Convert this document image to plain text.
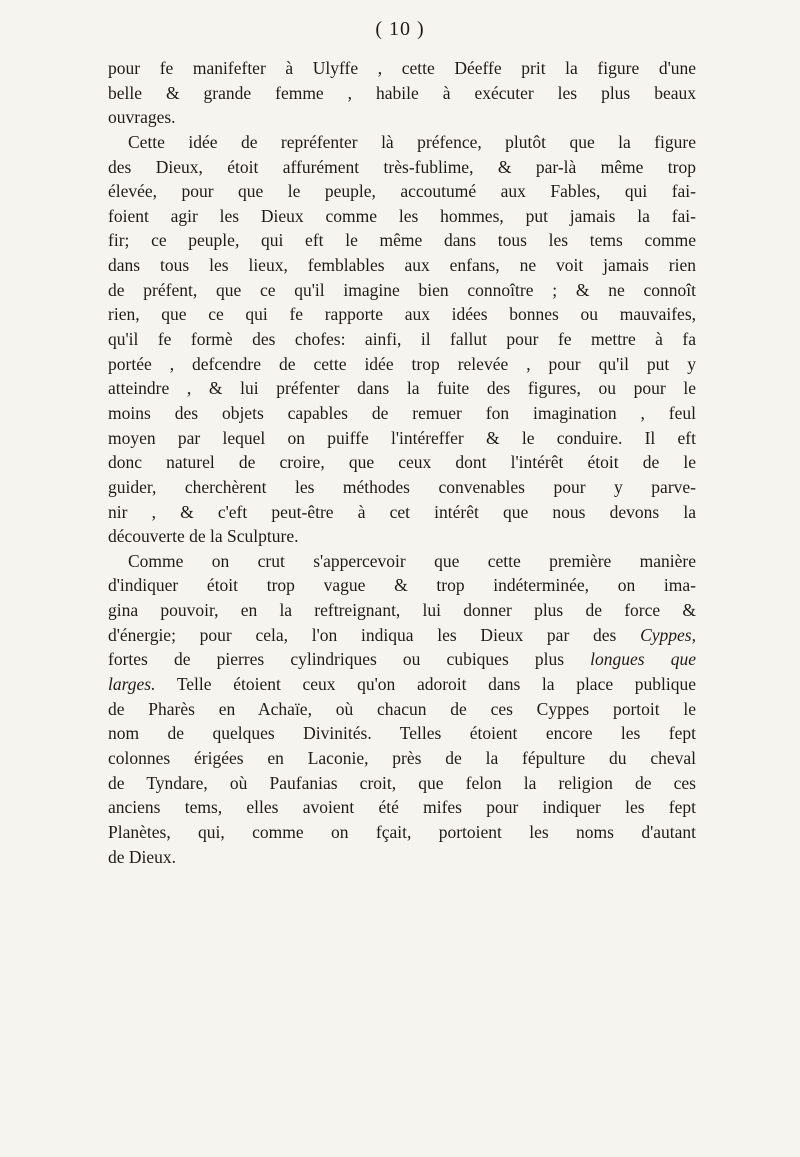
( 10 )
pour fe manifefter à Ulyffe , cette Déeffe prit la figure d'une
belle & grande femme , habile à exécuter les plus beaux
ouvrages.
Cette idée de repréfenter là préfence, plutôt que la figure
des Dieux, étoit affurément très-fublime, & par-là même trop
élevée, pour que le peuple, accoutumé aux Fables, qui fai-
foient agir les Dieux comme les hommes, put jamais la fai-
fir; ce peuple, qui eft le même dans tous les tems comme
dans tous les lieux, femblables aux enfans, ne voit jamais rien
de préfent, que ce qu'il imagine bien connoître ; & ne connoît
rien, que ce qui fe rapporte aux idées bonnes ou mauvaifes,
qu'il fe formè des chofes: ainfi, il fallut pour fe mettre à fa
portée , defcendre de cette idée trop relevée , pour qu'il put y
atteindre , & lui préfenter dans la fuite des figures, ou pour le
moins des objets capables de remuer fon imagination , feul
moyen par lequel on puiffe l'intéreffer & le conduire. Il eft
donc naturel de croire, que ceux dont l'intérêt étoit de le
guider, cherchèrent les méthodes convenables pour y parve-
nir , & c'eft peut-être à cet intérêt que nous devons la
découverte de la Sculpture.
Comme on crut s'appercevoir que cette première manière
d'indiquer étoit trop vague & trop indéterminée, on ima-
gina pouvoir, en la reftreignant, lui donner plus de force &
d'énergie; pour cela, l'on indiqua les Dieux par des Cyppes,
fortes de pierres cylindriques ou cubiques plus longues que
larges. Telle étoient ceux qu'on adoroit dans la place publique
de Pharès en Achaïe, où chacun de ces Cyppes portoit le
nom de quelques Divinités. Telles étoient encore les fept
colonnes érigées en Laconie, près de la fépulture du cheval
de Tyndare, où Paufanias croit, que felon la religion de ces
anciens tems, elles avoient été mifes pour indiquer les fept
Planètes, qui, comme on fçait, portoient les noms d'autant
de Dieux.
